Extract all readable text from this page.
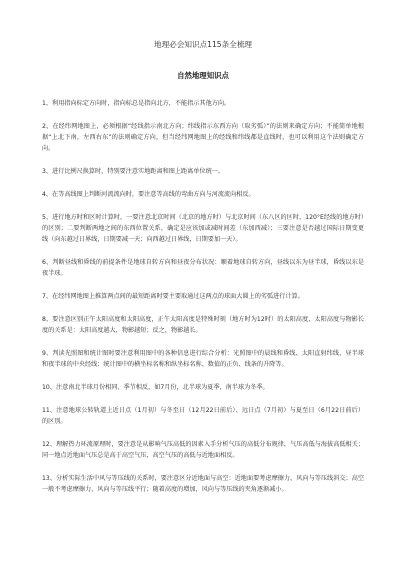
地理必会知识点115条全梳理
自然地理知识点
1、利用指向标定方向时，指向标总是指向北方，不能指示其他方向。
2、在经纬网地图上，必须根据“经线指示南北方向；纬线指示东西方向（取劣弧）”的法则来确定方向；不能简单地根据“上北下南，左西右东”的法则确定方向，但当经纬网地图上的经线和纬线都是直线时，也可以利用这个法则确定方向。
3、进行比例尺换算时，特别要注意实地距离和图上距离单位统一。
4、在等高线图上判断河流流向时，要注意等高线的弯曲方向与河流流向相反。
5、进行地方时和区时计算时，一要注意北京时间（北京的地方时）与北京时间（东八区的区时、120°E经线的地方时）的区别；二要判断两地之间的东西位置关系，确定是应该加或减时间差（东加西减）；三要注意是否越过国际日期变更线（向东越过日界线，日期要减一天；向西越过日界线，日期要加一天）。
6、判断昼线和昏线的前提条件是地球自转方向和昼夜分布状况：顺着地球自转方向，昼线以东为昼半球，昏线以东是夜半球。
7、在经纬网地图上推算两点间的最短距离时要主要取通过这两点的球面大圆上的劣弧进行计算。
8、要注意区别正午太阳高度和太阳高度，正午太阳高度是特殊时刻（地方时为12时）的太阳高度，太阳高度与物影长度的关系是：太阳高度越大，物影越短；反之，物影越长。
9、判读光照图和统计图时要注意利用图中的各种信息进行综合分析：光照图中的晨线和昏线、太阳直射纬线、昼半球和夜半球的中央经线；统计图中的横坐标名称和纵坐标名称、数值的正负、线条的升降等。
10、注意南北半球月份相同、季节相反，如7月份，北半球为夏季，南半球为冬季。
11、注意地球公转轨道上近日点（1月初）与冬至日（12月22日前后）、远日点（7月初）与夏至日（6月22日前后）的区别。
12、理解热力环流原理时，要注意是从影响气压高低的因素入手分析气压的高低分布规律，气压高低与海拔高低相关；同一地点近地面气压总是高于高空气压，高空气压的高低与近地面相反。
13、分析实际生活中风与等压线的关系时，要注意区分近地面与高空：近地面要考虑摩擦力，风向与等压线斜交；高空一般不考虑摩擦力，风向与等压线平行；随着高度的增加，风向与等压线的夹角逐渐减小。
